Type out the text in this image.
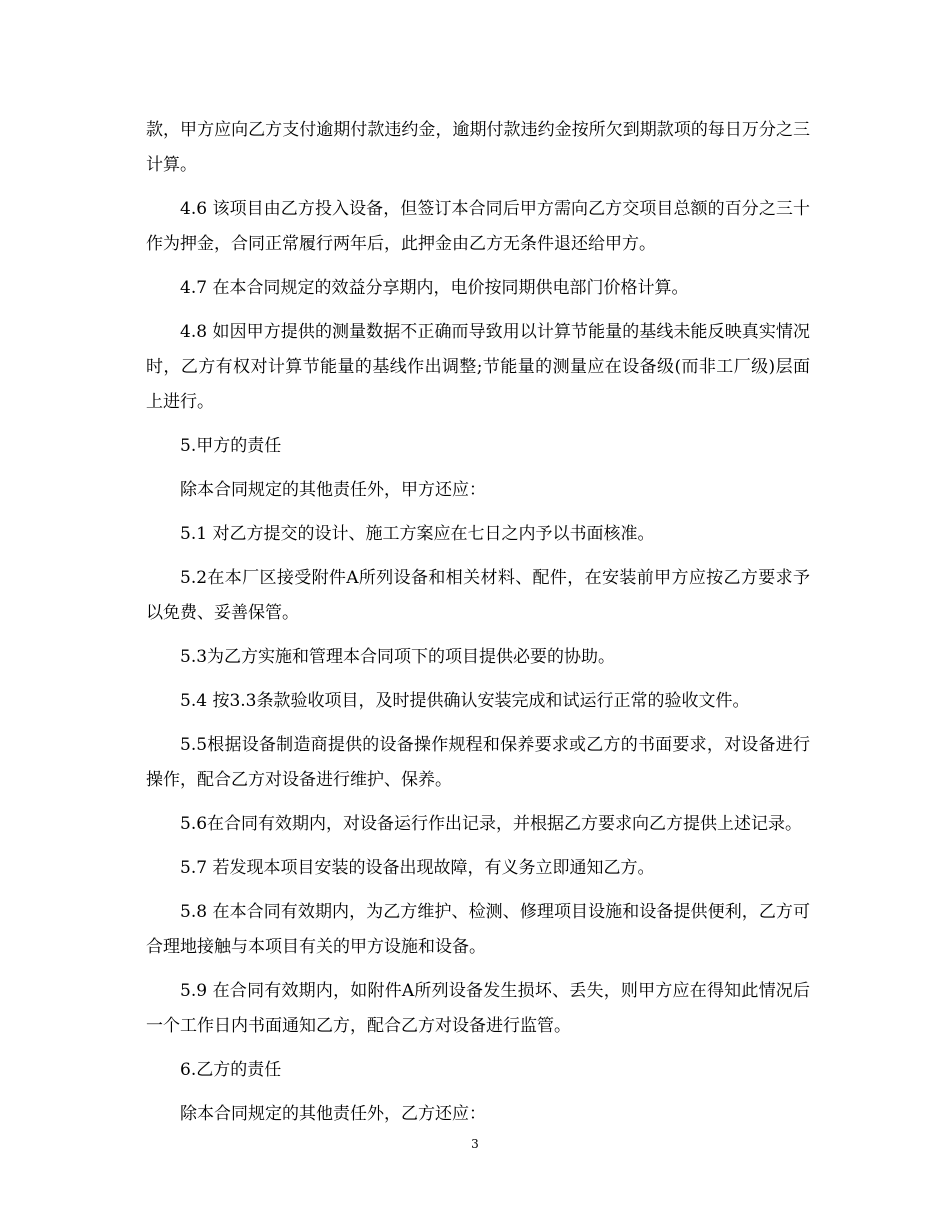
款，甲方应向乙方支付逾期付款违约金，逾期付款违约金按所欠到期款项的每日万分之三计算。

4.6 该项目由乙方投入设备，但签订本合同后甲方需向乙方交项目总额的百分之三十作为押金，合同正常履行两年后，此押金由乙方无条件退还给甲方。

4.7 在本合同规定的效益分享期内，电价按同期供电部门价格计算。

4.8 如因甲方提供的测量数据不正确而导致用以计算节能量的基线未能反映真实情况时，乙方有权对计算节能量的基线作出调整;节能量的测量应在设备级(而非工厂级)层面上进行。

5.甲方的责任

除本合同规定的其他责任外，甲方还应：

5.1 对乙方提交的设计、施工方案应在七日之内予以书面核准。

5.2在本厂区接受附件A所列设备和相关材料、配件，在安装前甲方应按乙方要求予以免费、妥善保管。

5.3为乙方实施和管理本合同项下的项目提供必要的协助。

5.4 按3.3条款验收项目，及时提供确认安装完成和试运行正常的验收文件。

5.5根据设备制造商提供的设备操作规程和保养要求或乙方的书面要求，对设备进行操作，配合乙方对设备进行维护、保养。

5.6在合同有效期内，对设备运行作出记录，并根据乙方要求向乙方提供上述记录。

5.7 若发现本项目安装的设备出现故障，有义务立即通知乙方。

5.8 在本合同有效期内，为乙方维护、检测、修理项目设施和设备提供便利，乙方可合理地接触与本项目有关的甲方设施和设备。

5.9 在合同有效期内，如附件A所列设备发生损坏、丢失，则甲方应在得知此情况后一个工作日内书面通知乙方，配合乙方对设备进行监管。

6.乙方的责任

除本合同规定的其他责任外，乙方还应：

3
